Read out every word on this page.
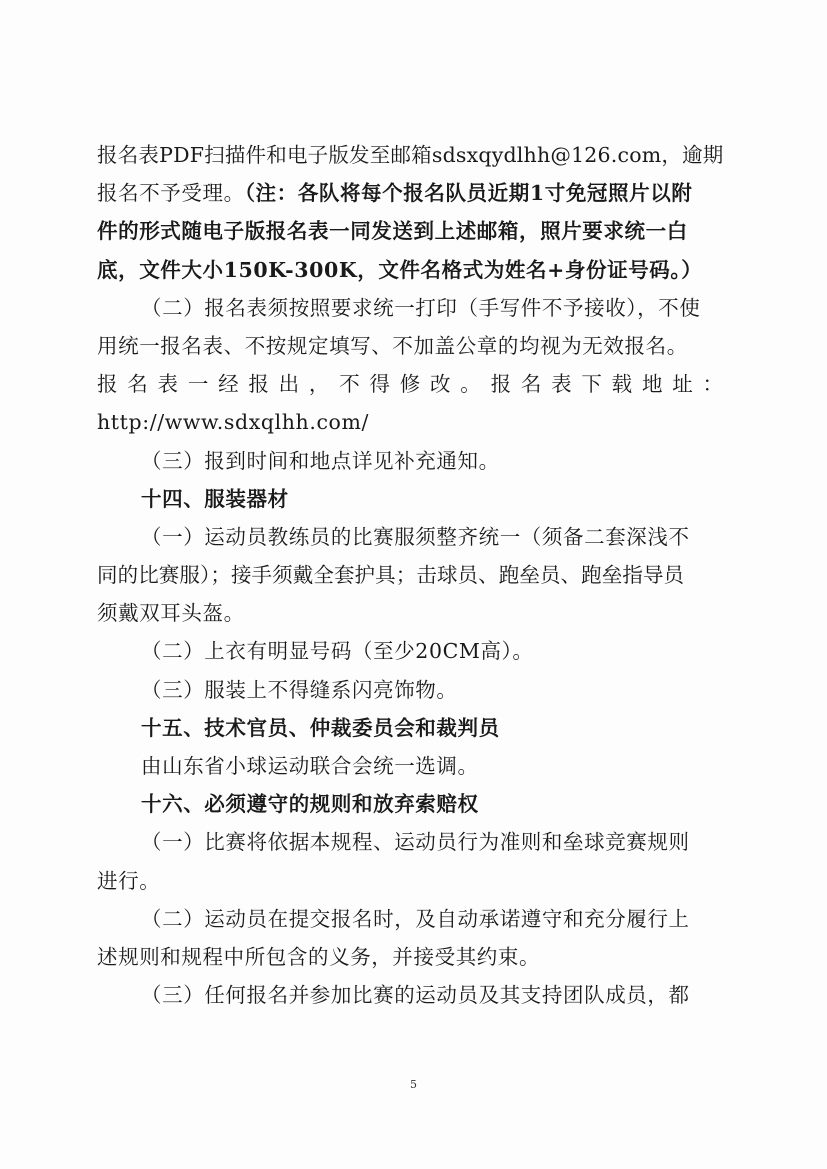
报名表PDF扫描件和电子版发至邮箱sdsxqydlhh@126.com，逾期
报名不予受理。（注：各队将每个报名队员近期1寸免冠照片以附
件的形式随电子版报名表一同发送到上述邮箱，照片要求统一白
底，文件大小150K-300K，文件名格式为姓名+身份证号码。）
（二）报名表须按照要求统一打印（手写件不予接收），不使
用统一报名表、不按规定填写、不加盖公章的均视为无效报名。
报名表一经报出，不得修改。报名表下载地址：
http://www.sdxqlhh.com/
（三）报到时间和地点详见补充通知。
十四、服装器材
（一）运动员教练员的比赛服须整齐统一（须备二套深浅不
同的比赛服）；接手须戴全套护具；击球员、跑垒员、跑垒指导员
须戴双耳头盔。
（二）上衣有明显号码（至少20CM高）。
（三）服装上不得缝系闪亮饰物。
十五、技术官员、仲裁委员会和裁判员
由山东省小球运动联合会统一选调。
十六、必须遵守的规则和放弃索赔权
（一）比赛将依据本规程、运动员行为准则和垒球竞赛规则
进行。
（二）运动员在提交报名时，及自动承诺遵守和充分履行上
述规则和规程中所包含的义务，并接受其约束。
（三）任何报名并参加比赛的运动员及其支持团队成员，都
5
